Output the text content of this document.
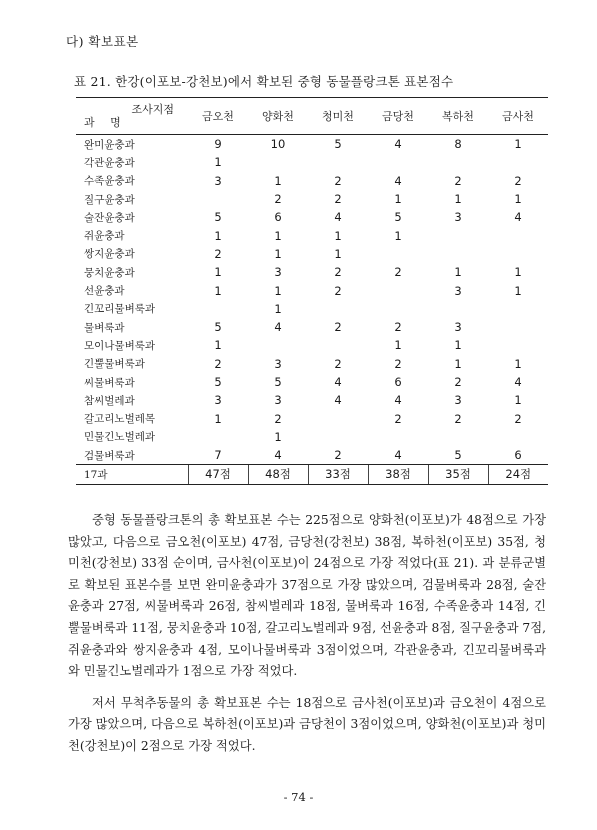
다) 확보표본
표 21. 한강(이포보-강천보)에서 확보된 중형 동물플랑크톤 표본점수
조사지점
과 명	금오천	양화천	청미천	금당천	복하천	금사천
완미윤충과	9	10	5	4	8	1
각관윤충과	1					
수족윤충과	3	1	2	4	2	2
질구윤충과		2	2	1	1	1
술잔윤충과	5	6	4	5	3	4
쥐윤충과	1	1	1	1		
쌍지윤충과	2	1	1			
뭉치윤충과	1	3	2	2	1	1
선윤충과	1	1	2		3	1
긴꼬리물벼룩과		1				
물벼룩과	5	4	2	2	3	
모이나물벼룩과	1			1	1	
긴뿔물벼룩과	2	3	2	2	1	1
씨물벼룩과	5	5	4	6	2	4
참씨벌레과	3	3	4	4	3	1
갈고리노벌레목	1	2		2	2	2
민물긴노벌레과		1				
검물벼룩과	7	4	2	4	5	6
17과	47점	48점	33점	38점	35점	24점

중형 동물플랑크톤의 총 확보표본 수는 225점으로 양화천(이포보)가 48점으로 가장 많았고, 다음으로 금오천(이포보) 47점, 금당천(강천보) 38점, 복하천(이포보) 35점, 청미천(강천보) 33점 순이며, 금사천(이포보)이 24점으로 가장 적었다(표 21). 과 분류군별로 확보된 표본수를 보면 완미윤충과가 37점으로 가장 많았으며, 검물벼룩과 28점, 술잔윤충과 27점, 씨물벼룩과 26점, 참씨벌레과 18점, 물벼룩과 16점, 수족윤충과 14점, 긴뿔물벼룩과 11점, 뭉치윤충과 10점, 갈고리노벌레과 9점, 선윤충과 8점, 질구윤충과 7점, 쥐윤충과와 쌍지윤충과 4점, 모이나물벼룩과 3점이었으며, 각관윤충과, 긴꼬리물벼룩과와 민물긴노벌레과가 1점으로 가장 적었다.

저서 무척추동물의 총 확보표본 수는 18점으로 금사천(이포보)과 금오천이 4점으로 가장 많았으며, 다음으로 복하천(이포보)과 금당천이 3점이었으며, 양화천(이포보)과 청미천(강천보)이 2점으로 가장 적었다.

- 74 -
